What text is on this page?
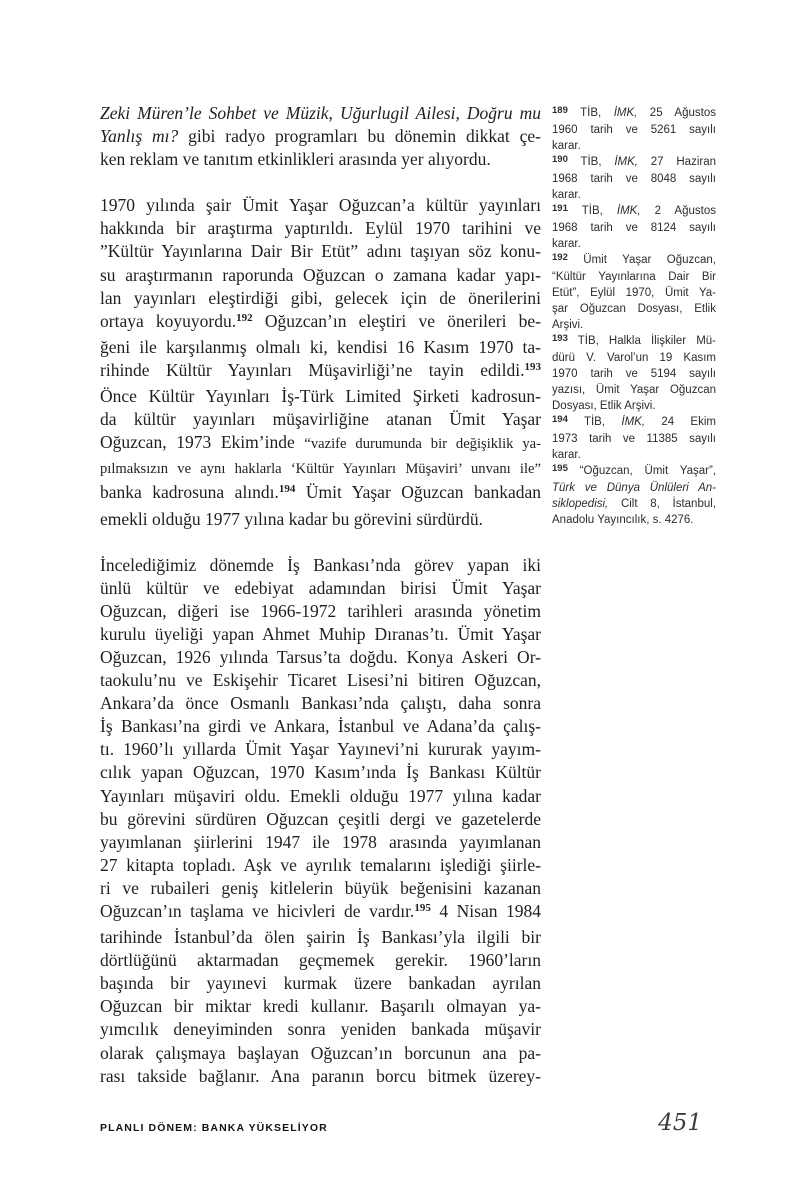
Zeki Müren’le Sohbet ve Müzik, Uğurlugil Ailesi, Doğru mu
Yanlış mı? gibi radyo programları bu dönemin dikkat çe-
ken reklam ve tanıtım etkinlikleri arasında yer alıyordu.
1970 yılında şair Ümit Yaşar Oğuzcan’a kültür yayınları
hakkında bir araştırma yaptırıldı. Eylül 1970 tarihini ve
”Kültür Yayınlarına Dair Bir Etüt” adını taşıyan söz konu-
su araştırmanın raporunda Oğuzcan o zamana kadar yapı-
lan yayınları eleştirdiği gibi, gelecek için de önerilerini
ortaya koyuyordu.$^{192}$ Oğuzcan’ın eleştiri ve önerileri be-
ğeni ile karşılanmış olmalı ki, kendisi 16 Kasım 1970 ta-
rihinde Kültür Yayınları Müşavirliği’ne tayin edildi.$^{193}$
Önce Kültür Yayınları İş-Türk Limited Şirketi kadrosun-
da kültür yayınları müşavirliğine atanan Ümit Yaşar
Oğuzcan, 1973 Ekim’inde “vazife durumunda bir değişiklik ya-
pılmaksızın ve aynı haklarla ‘Kültür Yayınları Müşaviri’ unvanı ile”
banka kadrosuna alındı.$^{194}$ Ümit Yaşar Oğuzcan bankadan
emekli olduğu 1977 yılına kadar bu görevini sürdürdü.
İncelediğimiz dönemde İş Bankası’nda görev yapan iki
ünlü kültür ve edebiyat adamından birisi Ümit Yaşar
Oğuzcan, diğeri ise 1966-1972 tarihleri arasında yönetim
kurulu üyeliği yapan Ahmet Muhip Dıranas’tı. Ümit Yaşar
Oğuzcan, 1926 yılında Tarsus’ta doğdu. Konya Askeri Or-
taokulu’nu ve Eskişehir Ticaret Lisesi’ni bitiren Oğuzcan,
Ankara’da önce Osmanlı Bankası’nda çalıştı, daha sonra
İş Bankası’na girdi ve Ankara, İstanbul ve Adana’da çalış-
tı. 1960’lı yıllarda Ümit Yaşar Yayınevi’ni kururak yayım-
cılık yapan Oğuzcan, 1970 Kasım’ında İş Bankası Kültür
Yayınları müşaviri oldu. Emekli olduğu 1977 yılına kadar
bu görevini sürdüren Oğuzcan çeşitli dergi ve gazetelerde
yayımlanan şiirlerini 1947 ile 1978 arasında yayımlanan
27 kitapta topladı. Aşk ve ayrılık temalarını işlediği şiirle-
ri ve rubaileri geniş kitlelerin büyük beğenisini kazanan
Oğuzcan’ın taşlama ve hicivleri de vardır.$^{195}$ 4 Nisan 1984
tarihinde İstanbul’da ölen şairin İş Bankası’yla ilgili bir
dörtlüğünü aktarmadan geçmemek gerekir. 1960’ların
başında bir yayınevi kurmak üzere bankadan ayrılan
Oğuzcan bir miktar kredi kullanır. Başarılı olmayan ya-
yımcılık deneyiminden sonra yeniden bankada müşavir
olarak çalışmaya başlayan Oğuzcan’ın borcunun ana pa-
rası takside bağlanır. Ana paranın borcu bitmek üzerey-
$^{189}$ TİB, İMK, 25 Ağustos
1960 tarih ve 5261 sayılı
karar.
$^{190}$ TİB, İMK, 27 Haziran
1968 tarih ve 8048 sayılı
karar.
$^{191}$ TİB, İMK, 2 Ağustos
1968 tarih ve 8124 sayılı
karar.
$^{192}$ Ümit Yaşar Oğuzcan,
“Kültür Yayınlarına Dair Bir
Etüt”, Eylül 1970, Ümit Ya-
şar Oğuzcan Dosyası, Etlik
Arşivi.
$^{193}$ TİB, Halkla İlişkiler Mü-
dürü V. Varol’un 19 Kasım
1970 tarih ve 5194 sayılı
yazısı, Ümit Yaşar Oğuzcan
Dosyası, Etlik Arşivi.
$^{194}$ TİB, İMK, 24 Ekim
1973 tarih ve 11385 sayılı
karar.
$^{195}$ “Oğuzcan, Ümit Yaşar”,
Türk ve Dünya Ünlüleri An-
siklopedisi, Cilt 8, İstanbul,
Anadolu Yayıncılık, s. 4276.
PLANLI DÖNEM: BANKA YÜKSELİYOR	451
